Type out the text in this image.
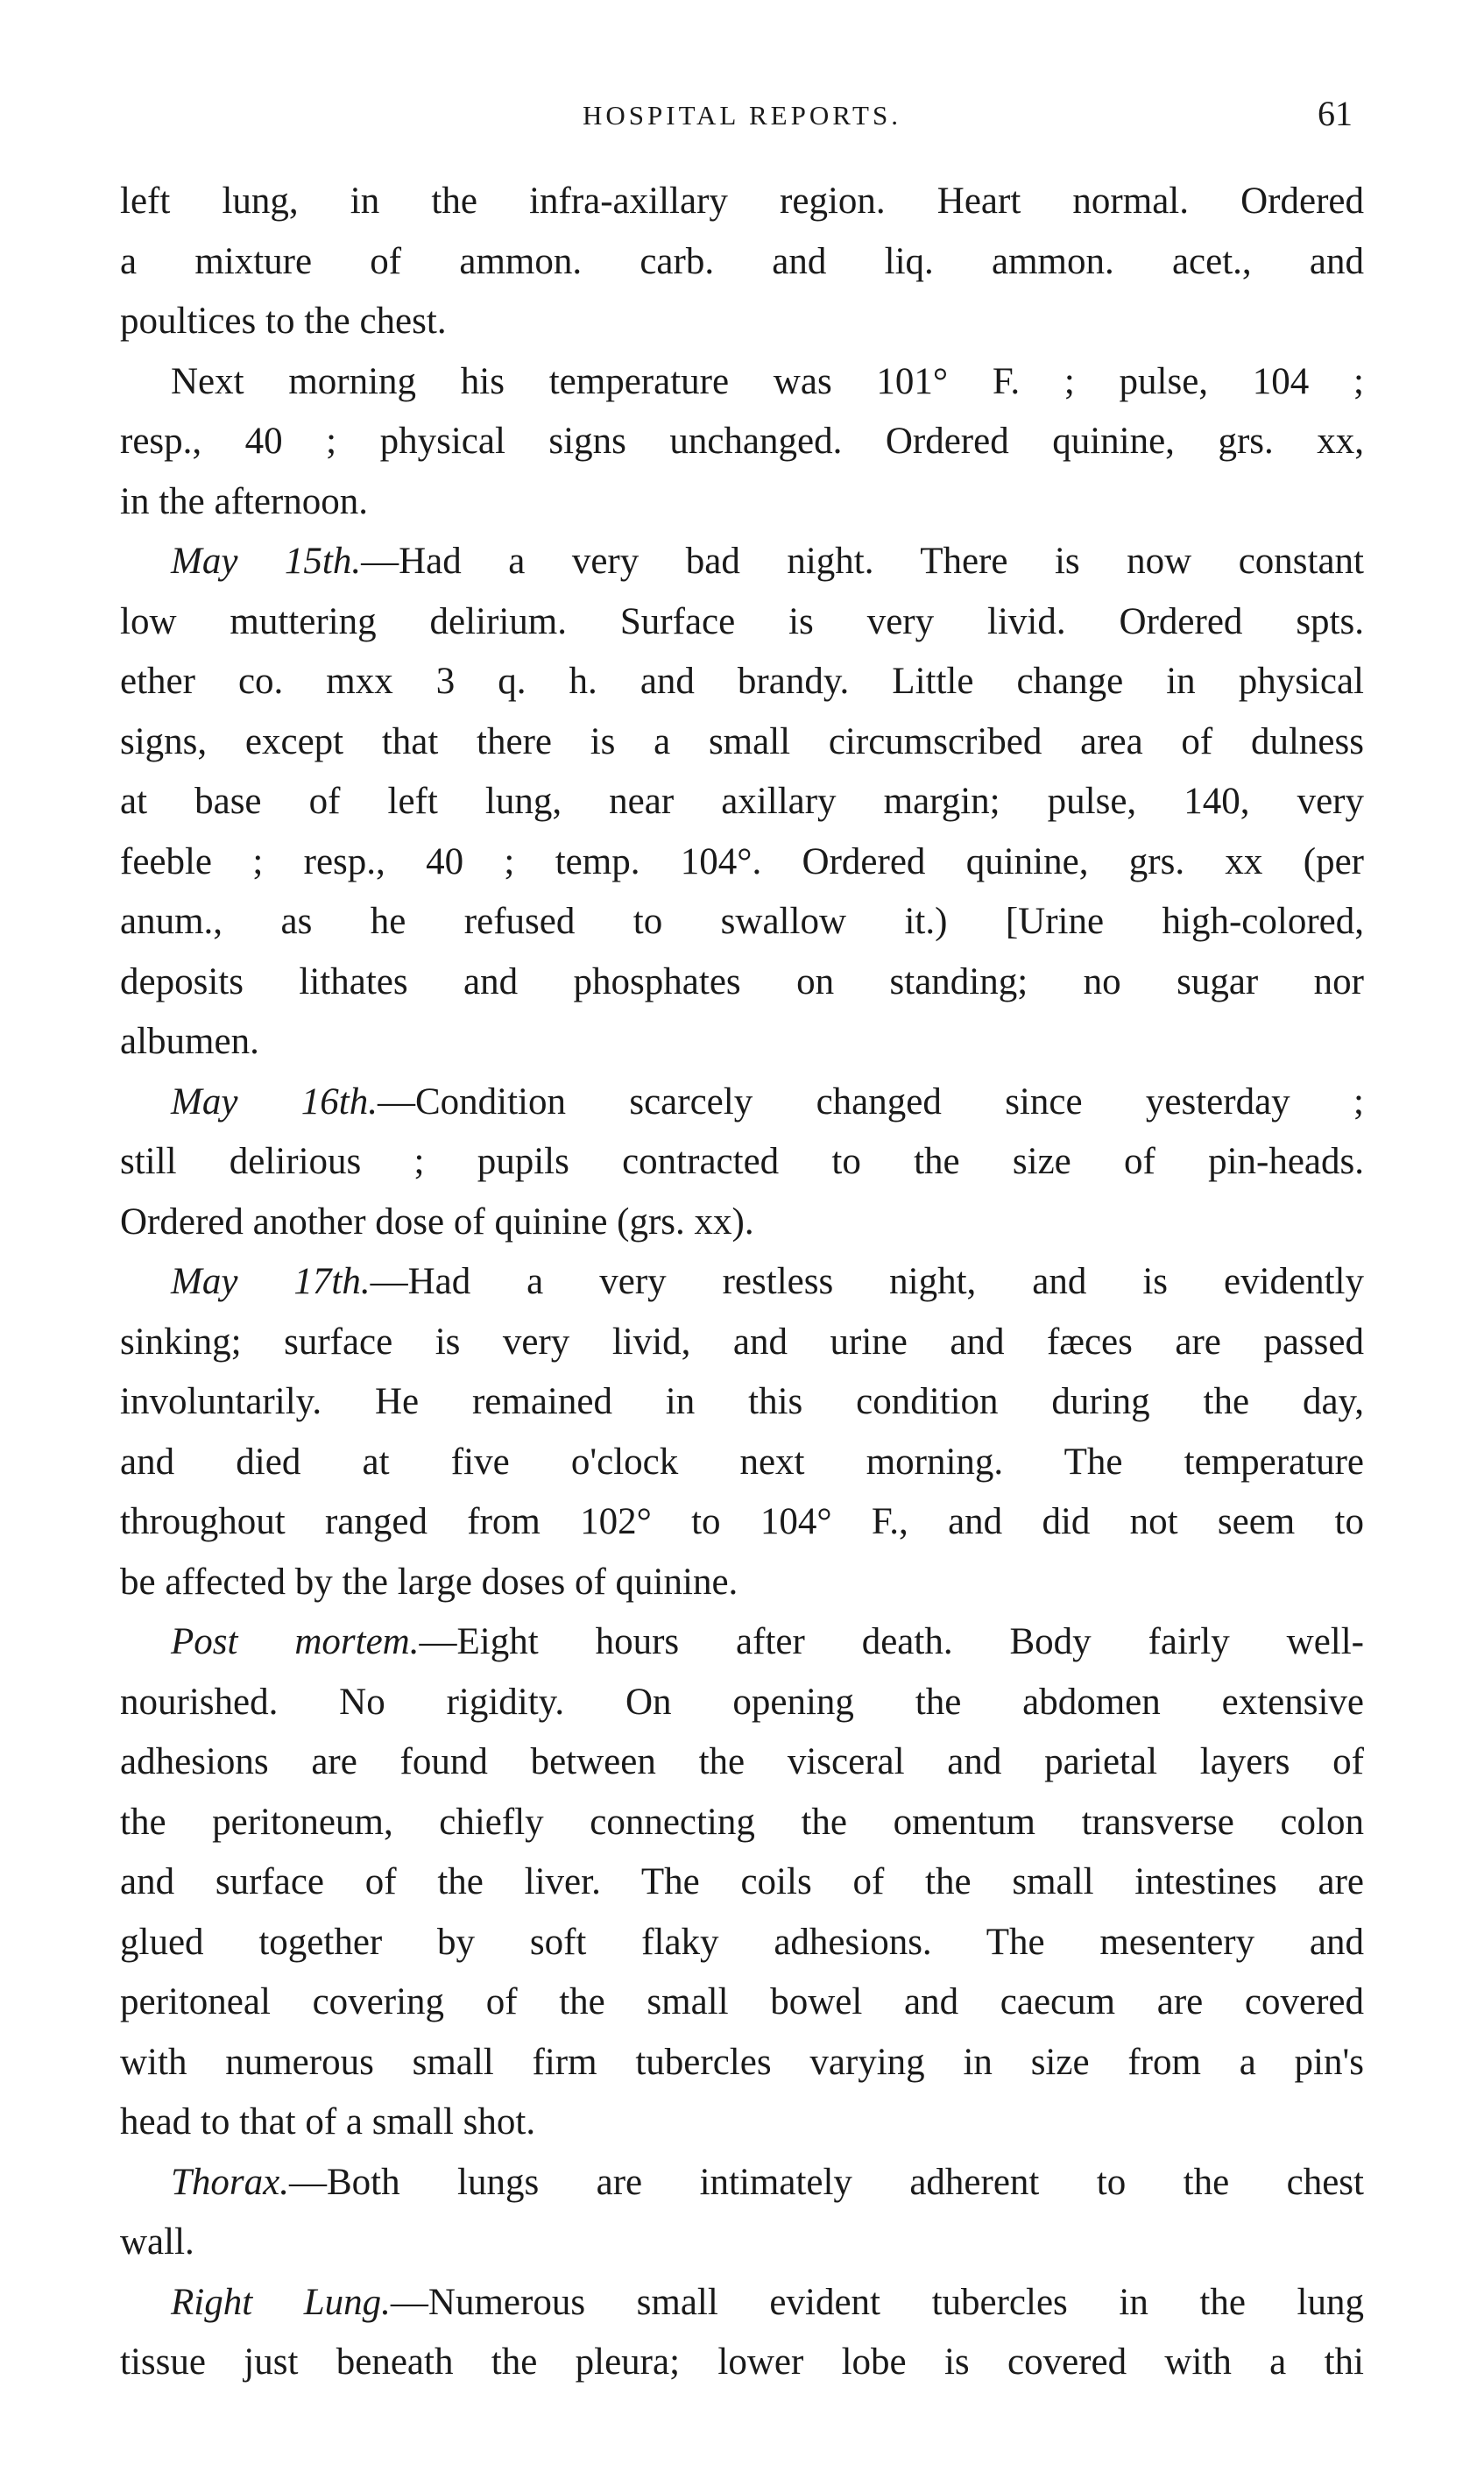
HOSPITAL REPORTS.	61
left lung, in the infra-axillary region. Heart normal. Ordered
a mixture of ammon. carb. and liq. ammon. acet., and
poultices to the chest.
Next morning his temperature was 101° F. ; pulse, 104 ;
resp., 40 ; physical signs unchanged. Ordered quinine, grs. xx,
in the afternoon.
May 15th.—Had a very bad night. There is now constant
low muttering delirium. Surface is very livid. Ordered spts.
ether co. mxx 3 q. h. and brandy. Little change in physical
signs, except that there is a small circumscribed area of dulness
at base of left lung, near axillary margin; pulse, 140, very
feeble ; resp., 40 ; temp. 104°. Ordered quinine, grs. xx (per
anum., as he refused to swallow it.) [Urine high-colored,
deposits lithates and phosphates on standing; no sugar nor
albumen.
May 16th.—Condition scarcely changed since yesterday ;
still delirious ; pupils contracted to the size of pin-heads.
Ordered another dose of quinine (grs. xx).
May 17th.—Had a very restless night, and is evidently
sinking; surface is very livid, and urine and fæces are passed
involuntarily. He remained in this condition during the day,
and died at five o'clock next morning. The temperature
throughout ranged from 102° to 104° F., and did not seem to
be affected by the large doses of quinine.
Post mortem.—Eight hours after death. Body fairly well-
nourished. No rigidity. On opening the abdomen extensive
adhesions are found between the visceral and parietal layers of
the peritoneum, chiefly connecting the omentum transverse colon
and surface of the liver. The coils of the small intestines are
glued together by soft flaky adhesions. The mesentery and
peritoneal covering of the small bowel and caecum are covered
with numerous small firm tubercles varying in size from a pin's
head to that of a small shot.
Thorax.—Both lungs are intimately adherent to the chest
wall.
Right Lung.—Numerous small evident tubercles in the lung
tissue just beneath the pleura; lower lobe is covered with a thi
